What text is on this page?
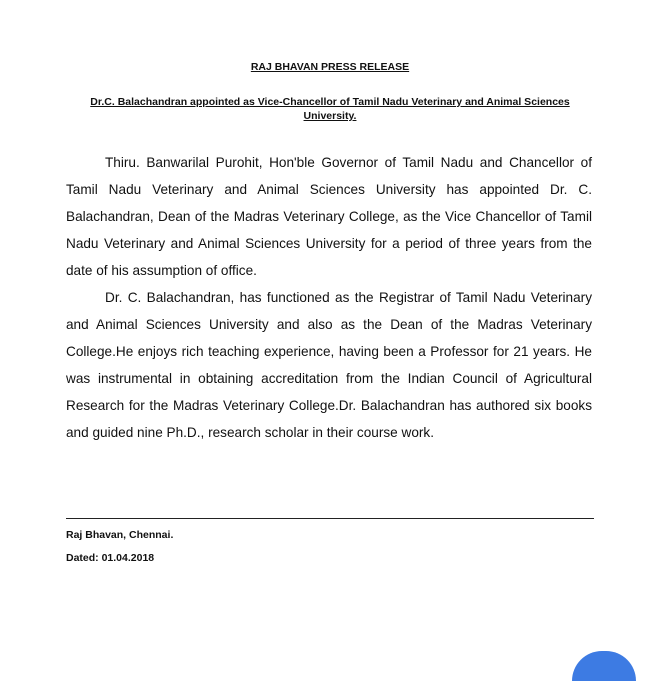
RAJ BHAVAN PRESS RELEASE
Dr.C. Balachandran appointed as Vice-Chancellor of Tamil Nadu Veterinary and Animal Sciences University.

Thiru. Banwarilal Purohit, Hon'ble Governor of Tamil Nadu and Chancellor of Tamil Nadu Veterinary and Animal Sciences University has appointed Dr. C. Balachandran, Dean of the Madras Veterinary College, as the Vice Chancellor of Tamil Nadu Veterinary and Animal Sciences University for a period of three years from the date of his assumption of office.

Dr. C. Balachandran, has functioned as the Registrar of Tamil Nadu Veterinary and Animal Sciences University and also as the Dean of the Madras Veterinary College.He enjoys rich teaching experience, having been a Professor for 21 years. He was instrumental in obtaining accreditation from the Indian Council of Agricultural Research for the Madras Veterinary College.Dr. Balachandran has authored six books and guided nine Ph.D., research scholar in their course work.

Raj Bhavan, Chennai.
Dated: 01.04.2018
